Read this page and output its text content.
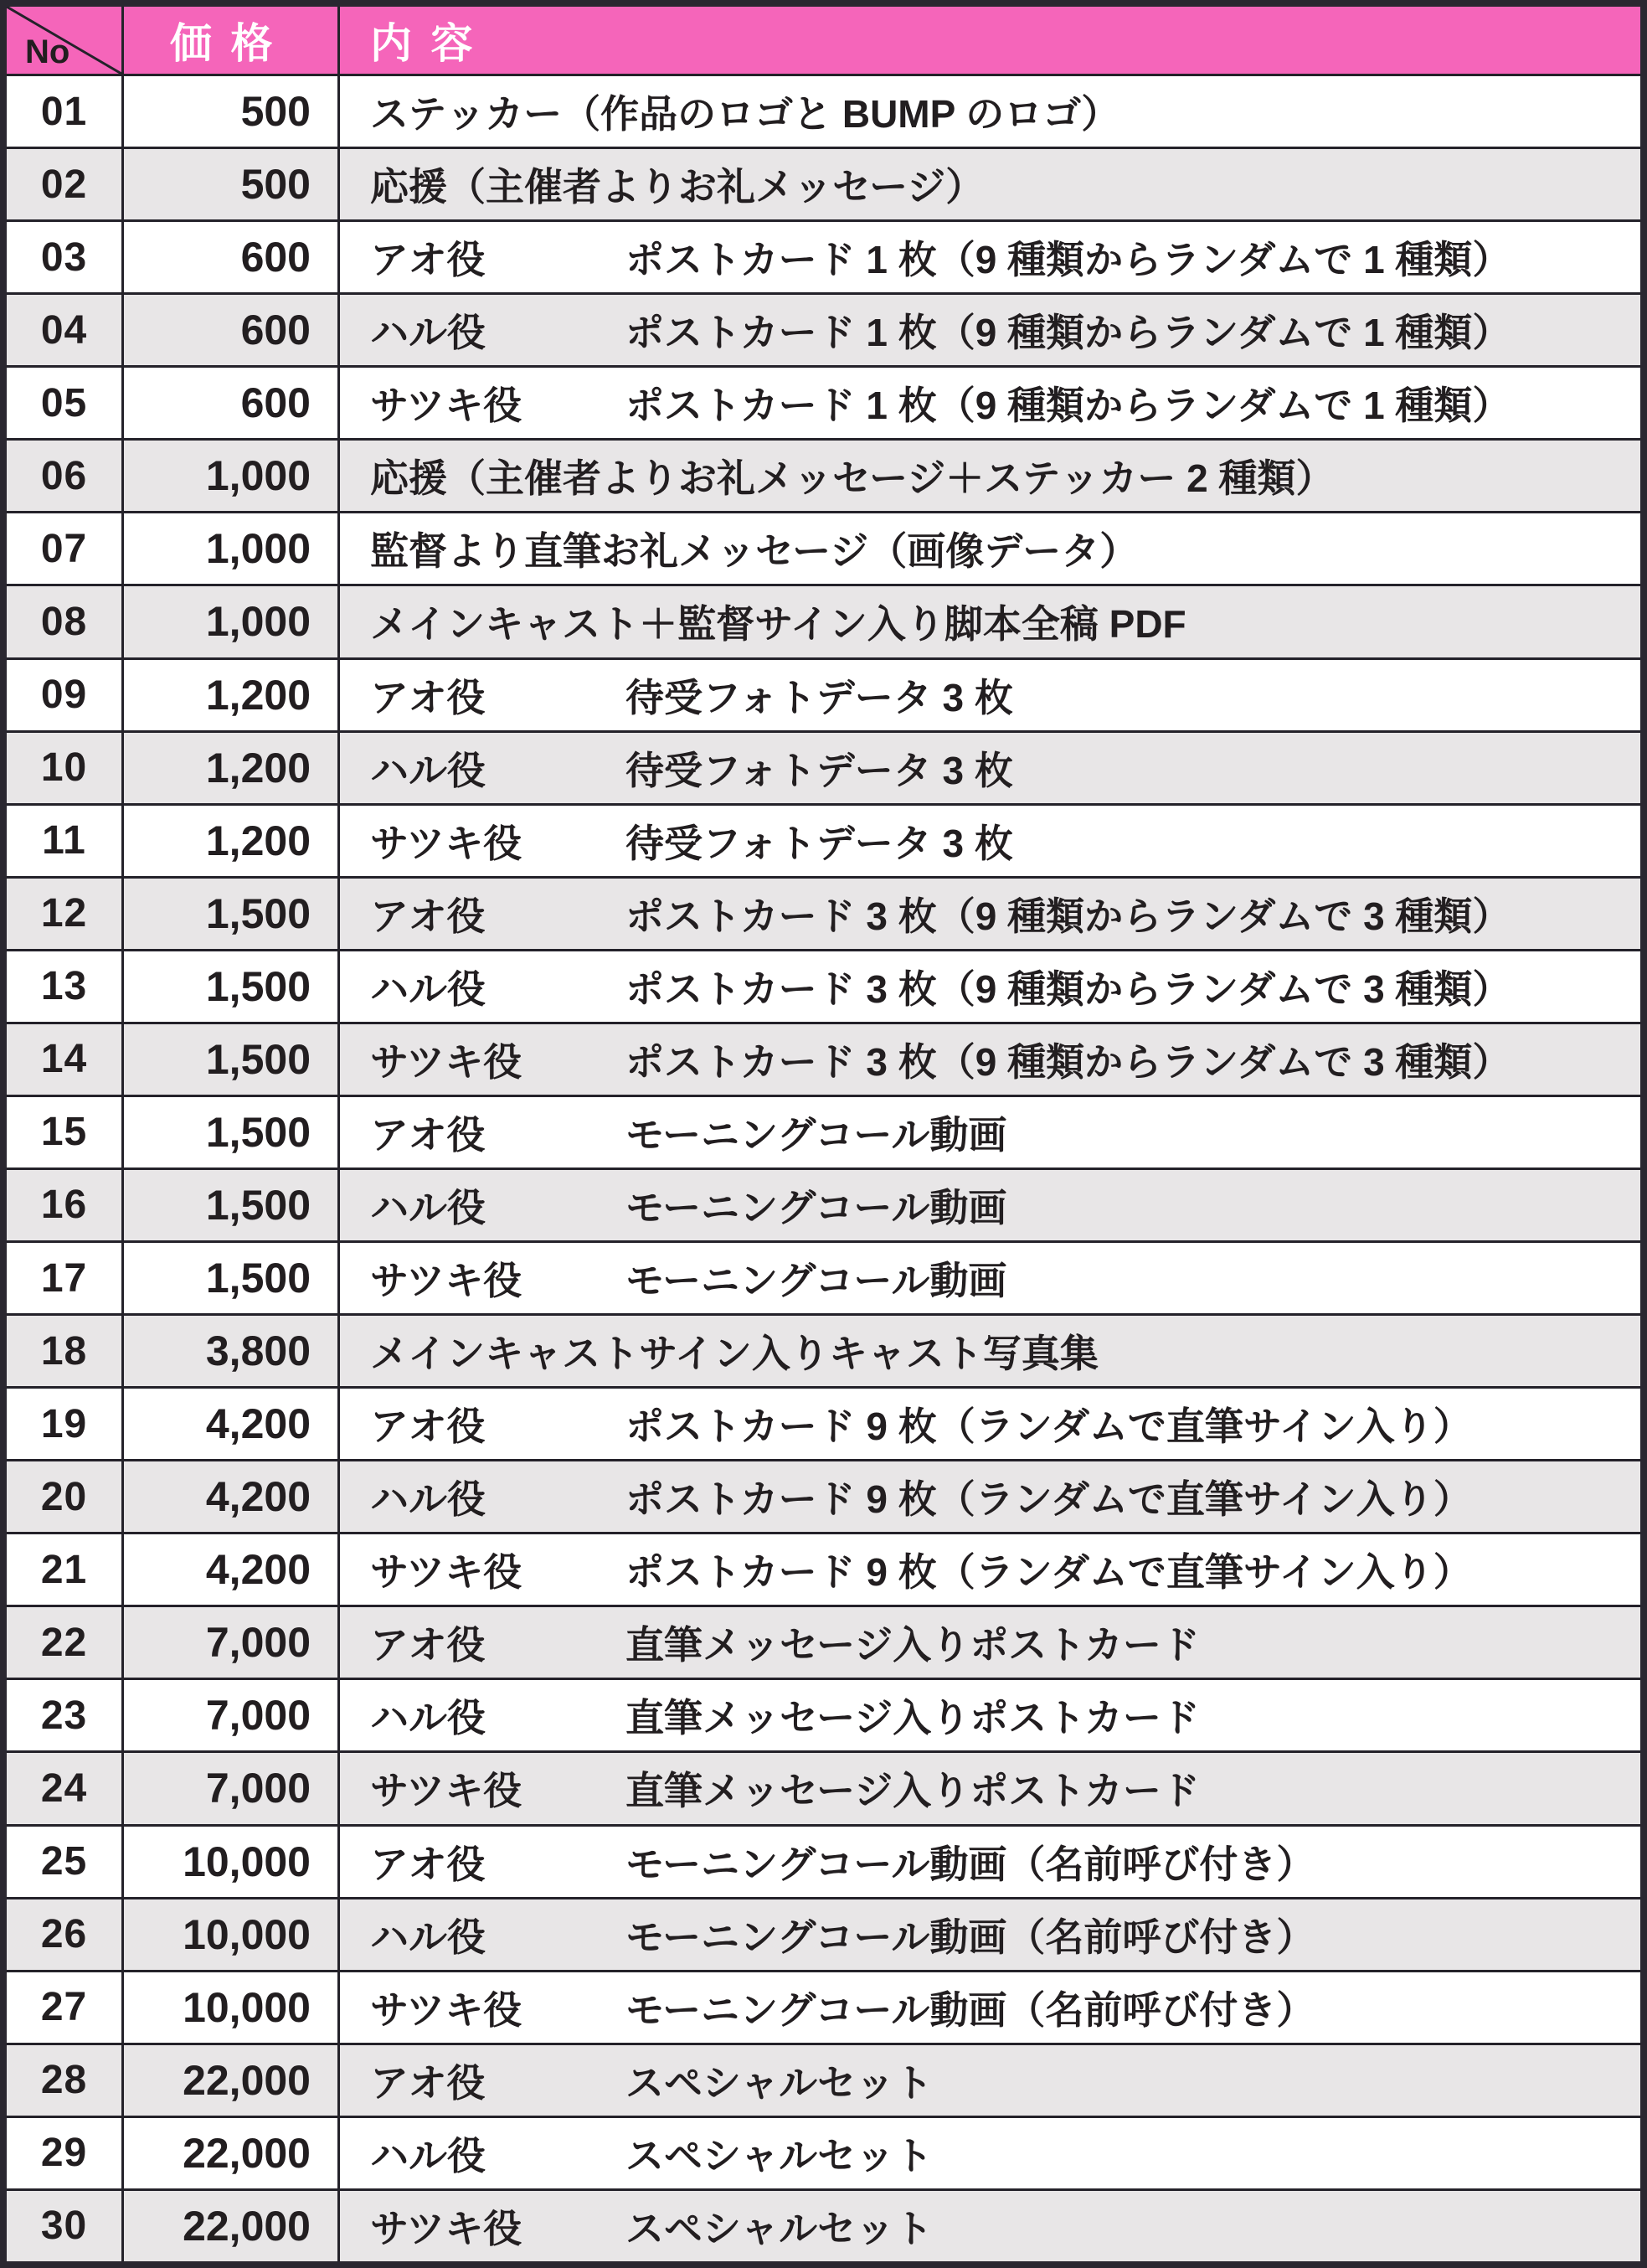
No 価格 内容
01	500	ステッカー（作品のロゴと BUMP のロゴ）
02	500	応援（主催者よりお礼メッセージ）
03	600	アオ役	ポストカード 1 枚（9 種類からランダムで 1 種類）
04	600	ハル役	ポストカード 1 枚（9 種類からランダムで 1 種類）
05	600	サツキ役	ポストカード 1 枚（9 種類からランダムで 1 種類）
06	1,000	応援（主催者よりお礼メッセージ＋ステッカー 2 種類）
07	1,000	監督より直筆お礼メッセージ（画像データ）
08	1,000	メインキャスト＋監督サイン入り脚本全稿 PDF
09	1,200	アオ役	待受フォトデータ 3 枚
10	1,200	ハル役	待受フォトデータ 3 枚
11	1,200	サツキ役	待受フォトデータ 3 枚
12	1,500	アオ役	ポストカード 3 枚（9 種類からランダムで 3 種類）
13	1,500	ハル役	ポストカード 3 枚（9 種類からランダムで 3 種類）
14	1,500	サツキ役	ポストカード 3 枚（9 種類からランダムで 3 種類）
15	1,500	アオ役	モーニングコール動画
16	1,500	ハル役	モーニングコール動画
17	1,500	サツキ役	モーニングコール動画
18	3,800	メインキャストサイン入りキャスト写真集
19	4,200	アオ役	ポストカード 9 枚（ランダムで直筆サイン入り）
20	4,200	ハル役	ポストカード 9 枚（ランダムで直筆サイン入り）
21	4,200	サツキ役	ポストカード 9 枚（ランダムで直筆サイン入り）
22	7,000	アオ役	直筆メッセージ入りポストカード
23	7,000	ハル役	直筆メッセージ入りポストカード
24	7,000	サツキ役	直筆メッセージ入りポストカード
25	10,000	アオ役	モーニングコール動画（名前呼び付き）
26	10,000	ハル役	モーニングコール動画（名前呼び付き）
27	10,000	サツキ役	モーニングコール動画（名前呼び付き）
28	22,000	アオ役	スペシャルセット
29	22,000	ハル役	スペシャルセット
30	22,000	サツキ役	スペシャルセット
